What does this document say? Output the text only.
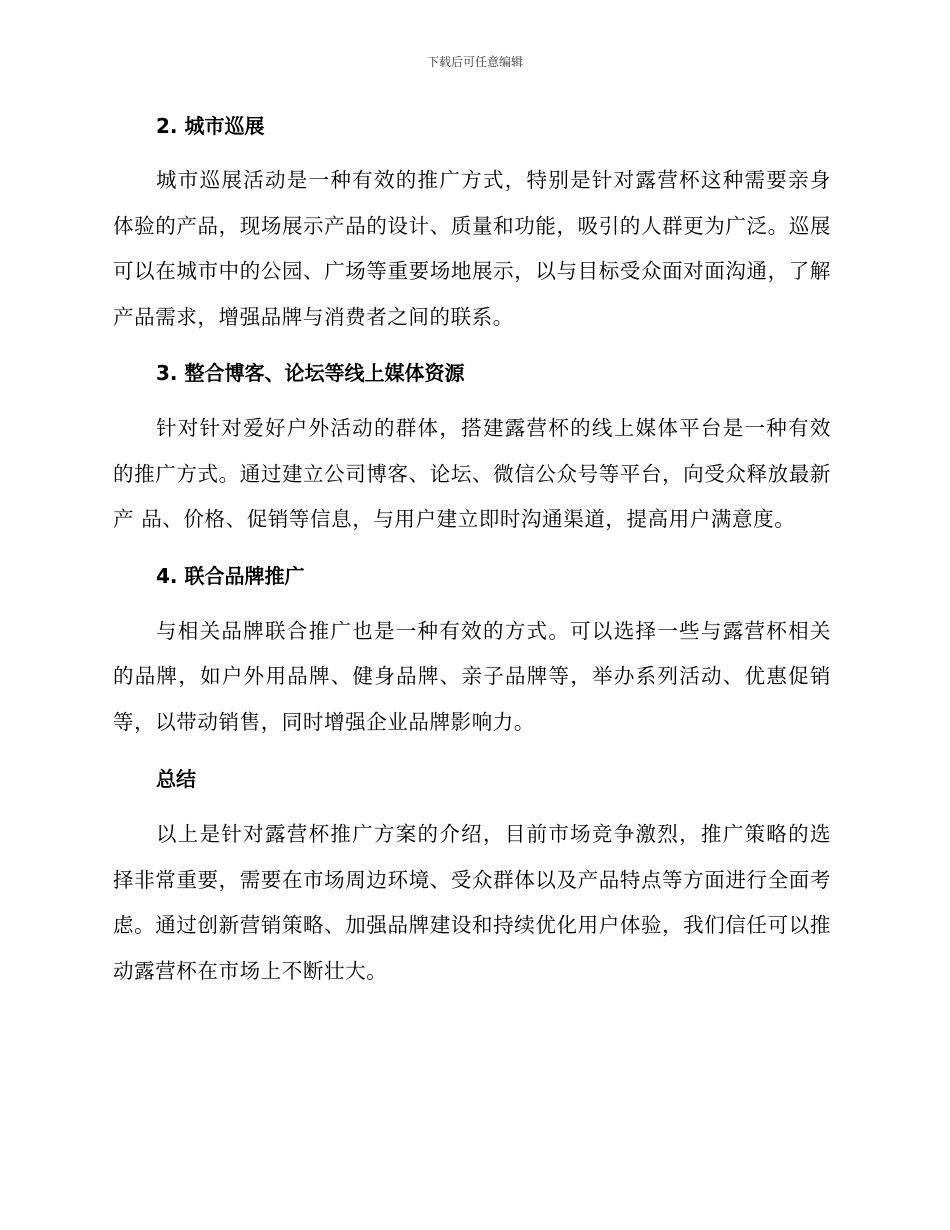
下载后可任意编辑
2. 城市巡展

城市巡展活动是一种有效的推广方式，特别是针对露营杯这种需要亲身体验的产品，现场展示产品的设计、质量和功能，吸引的人群更为广泛。巡展可以在城市中的公园、广场等重要场地展示，以与目标受众面对面沟通，了解产品需求，增强品牌与消费者之间的联系。

3. 整合博客、论坛等线上媒体资源

针对针对爱好户外活动的群体，搭建露营杯的线上媒体平台是一种有效的推广方式。通过建立公司博客、论坛、微信公众号等平台，向受众释放最新产 品、价格、促销等信息，与用户建立即时沟通渠道，提高用户满意度。

4. 联合品牌推广

与相关品牌联合推广也是一种有效的方式。可以选择一些与露营杯相关的品牌，如户外用品牌、健身品牌、亲子品牌等，举办系列活动、优惠促销等，以带动销售，同时增强企业品牌影响力。

总结

以上是针对露营杯推广方案的介绍，目前市场竞争激烈，推广策略的选择非常重要，需要在市场周边环境、受众群体以及产品特点等方面进行全面考虑。通过创新营销策略、加强品牌建设和持续优化用户体验，我们信任可以推动露营杯在市场上不断壮大。
